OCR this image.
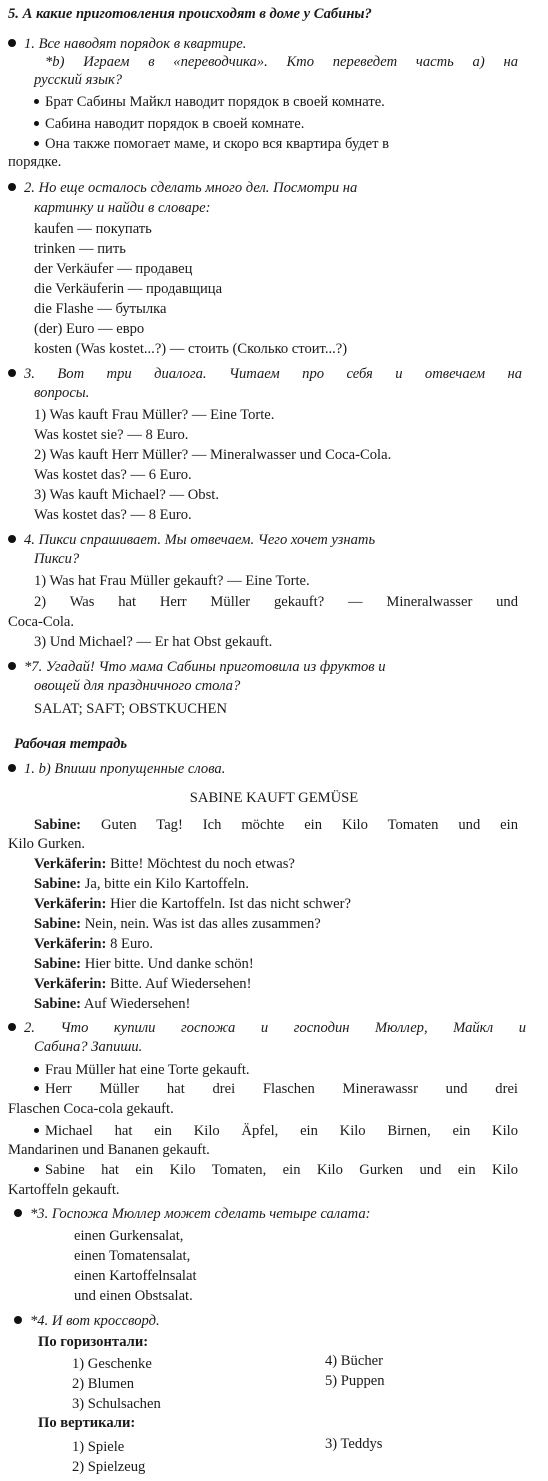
5. А какие приготовления происходят в доме у Сабины?
1. Все наводят порядок в квартире.
*b) Играем в «переводчика». Кто переведет часть a) на
русский язык?
Брат Сабины Майкл наводит порядок в своей комнате.
Сабина наводит порядок в своей комнате.
Она также помогает маме, и скоро вся квартира будет в
порядке.
2. Но еще осталось сделать много дел. Посмотри на
картинку и найди в словаре:
kaufen — покупать
trinken — пить
der Verkäufer — продавец
die Verkäuferin — продавщица
die Flashe — бутылка
(der) Euro — евро
kosten (Was kostet...?) — стоить (Сколько стоит...?)
3. Вот три диалога. Читаем про себя и отвечаем на
вопросы.
1) Was kauft Frau Müller? — Eine Torte.
Was kostet sie? — 8 Euro.
2) Was kauft Herr Müller? — Mineralwasser und Coca-Cola.
Was kostet das? — 6 Euro.
3) Was kauft Michael? — Obst.
Was kostet das? — 8 Euro.
4. Пикси спрашивает. Мы отвечаем. Чего хочет узнать
Пикси?
1) Was hat Frau Müller gekauft? — Eine Torte.
2) Was hat Herr Müller gekauft? — Mineralwasser und
Coca-Cola.
3) Und Michael? — Er hat Obst gekauft.
*7. Угадай! Что мама Сабины приготовила из фруктов и
овощей для праздничного стола?
SALAT; SAFT; OBSTKUCHEN
Рабочая тетрадь
1. b) Впиши пропущенные слова.
SABINE KAUFT GEMÜSE
Sabine: Guten Tag! Ich möchte ein Kilo Tomaten und ein
Kilo Gurken.
Verkäferin: Bitte! Möchtest du noch etwas?
Sabine: Ja, bitte ein Kilo Kartoffeln.
Verkäferin: Hier die Kartoffeln. Ist das nicht schwer?
Sabine: Nein, nein. Was ist das alles zusammen?
Verkäferin: 8 Euro.
Sabine: Hier bitte. Und danke schön!
Verkäferin: Bitte. Auf Wiedersehen!
Sabine: Auf Wiedersehen!
2. Что купили госпожа и господин Мюллер, Майкл и
Сабина? Запиши.
Frau Müller hat eine Torte gekauft.
Herr Müller hat drei Flaschen Minerawassr und drei
Flaschen Coca-cola gekauft.
Michael hat ein Kilo Äpfel, ein Kilo Birnen, ein Kilo
Mandarinen und Bananen gekauft.
Sabine hat ein Kilo Tomaten, ein Kilo Gurken und ein Kilo
Kartoffeln gekauft.
*3. Госпожа Мюллер может сделать четыре салата:
einen Gurkensalat,
einen Tomatensalat,
einen Kartoffelnsalat
und einen Obstsalat.
*4. И вот кроссворд.
По горизонтали:
1) Geschenke
2) Blumen
3) Schulsachen
4) Bücher
5) Puppen
По вертикали:
1) Spiele
2) Spielzeug
3) Teddys
